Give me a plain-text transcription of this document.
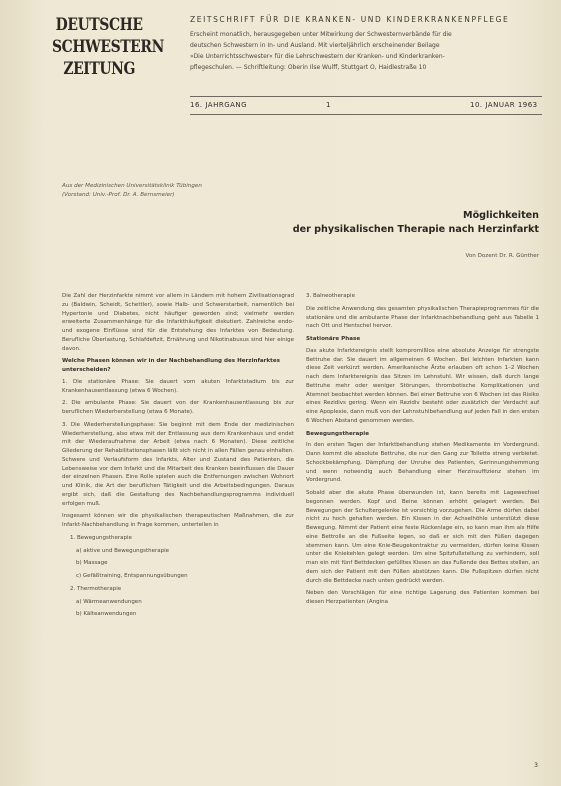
DEUTSCHE
SCHWESTERN
ZEITUNG
ZEITSCHRIFT FÜR DIE KRANKEN- UND KINDERKRANKENPFLEGE
Erscheint monatlich, herausgegeben unter Mitwirkung der Schwesternverbände für die
deutschen Schwestern in In- und Ausland. Mit vierteljährlich erscheinender Beilage
»Die Unterrichtsschwester« für die Lehrschwestern der Kranken- und Kinderkranken-
pflegeschulen. — Schriftleitung: Oberin Ilse Wulff, Stuttgart O, Haidlestraße 10
16. JAHRGANG	1	10. JANUAR 1963
Aus der Medizinischen Universitätsklinik Tübingen
(Vorstand: Univ.-Prof. Dr. A. Bernsmeier)
Möglichkeiten
der physikalischen Therapie nach Herzinfarkt
Von Dozent Dr. R. Günther
Die Zahl der Herzinfarkte nimmt vor allem in Ländern mit hohem Zivilisationsgrad zu (Baldwin, Scheidt, Schettler), sowie Halb- und Schwerstarbeit, namentlich bei Hypertonie und Diabetes, nicht häufiger geworden sind; vielmehr werden erweiterte Zusammenhänge für die Infarkthäufigkeit diskutiert. Zahlreiche endo- und exogene Einflüsse sind für die Entstehung des Infarktes von Bedeutung. Berufliche Überlastung, Schlafdefizit, Ernährung und Nikotinabusus sind hier einige davon.
Welche Phasen können wir in der Nachbehandlung des Herzinfarktes unterscheiden?
1. Die stationäre Phase: Sie dauert vom akuten Infarktstadium bis zur Krankenhausentlassung (etwa 6 Wochen).
2. Die ambulante Phase: Sie dauert von der Krankenhausentlassung bis zur beruflichen Wiederherstellung (etwa 6 Monate).
3. Die Wiederherstellungsphase: Sie beginnt mit dem Ende der medizinischen Wiederherstellung, also etwa mit der Entlassung aus dem Krankenhaus und endet mit der Wiederaufnahme der Arbeit (etwa nach 6 Monaten). Diese zeitliche Gliederung der Rehabilitationsphasen läßt sich nicht in allen Fällen genau einhalten. Schwere und Verlaufsform des Infarkts, Alter und Zustand des Patienten, die Lebensweise vor dem Infarkt und die Mitarbeit des Kranken beeinflussen die Dauer der einzelnen Phasen. Eine Rolle spielen auch die Entfernungen zwischen Wohnort und Klinik, die Art der beruflichen Tätigkeit und die Arbeitsbedingungen. Daraus ergibt sich, daß die Gestaltung des Nachbehandlungsprogramms individuell erfolgen muß.
Insgesamt können wir die physikalischen therapeutischen Maßnahmen, die zur Infarkt-Nachbehandlung in Frage kommen, unterteilen in
1. Bewegungstherapie
a) aktive und Bewegungstherapie
b) Massage
c) Gefäßtraining, Entspannungsübungen
2. Thermotherapie
a) Wärmeanwendungen
b) Kälteanwendungen
3. Balneotherapie
Die zeitliche Anwendung des gesamten physikalischen Therapieprogrammes für die stationäre und die ambulante Phase der Infarktnachbehandlung geht aus Tabelle 1 nach Ott und Hentschel hervor.
Stationäre Phase
Das akute Infarktereignis stellt kompromißlos eine absolute Anzeige für strengste Bettruhe dar. Sie dauert im allgemeinen 6 Wochen. Bei leichten Infarkten kann diese Zeit verkürzt werden. Amerikanische Ärzte erlauben oft schon 1–2 Wochen nach dem Infarktereignis das Sitzen im Lehnstuhl. Wir wissen, daß durch lange Bettruhe mehr oder weniger Störungen, thrombotische Komplikationen und Atemnot beobachtet werden können. Bei einer Bettruhe von 6 Wochen ist das Risiko eines Rezidivs gering. Wenn ein Rezidiv besteht oder zusätzlich der Verdacht auf eine Apoplexie, dann muß von der Lehnstuhlbehandlung auf jeden Fall in den ersten 6 Wochen Abstand genommen werden.
Bewegungstherapie
In den ersten Tagen der Infarktbehandlung stehen Medikamente im Vordergrund. Dann kommt die absolute Bettruhe, die nur den Gang zur Toilette streng verbietet. Schockbekämpfung, Dämpfung der Unruhe des Patienten, Gerinnungshemmung und wenn notwendig auch Behandlung einer Herzinsuffizienz stehen im Vordergrund.
Sobald aber die akute Phase überwunden ist, kann bereits mit Lagewechsel begonnen werden. Kopf und Beine können erhöht gelagert werden. Bei Bewegungen der Schultergelenke ist vorsichtig vorzugehen. Die Arme dürfen dabei nicht zu hoch gehalten werden. Ein Kissen in der Achselhöhle unterstützt diese Bewegung. Nimmt der Patient eine feste Rückenlage ein, so kann man ihm als Hilfe eine Bettrolle an die Fußseite legen, so daß er sich mit den Füßen dagegen stemmen kann. Um eine Knie-Beugekontraktur zu vermeiden, dürfen keine Kissen unter die Kniekehlen gelegt werden. Um eine Spitzfußstellung zu verhindern, soll man ein mit fünf Bettdecken gefülltes Kissen an das Fußende des Bettes stellen, an dem sich der Patient mit den Füßen abstützen kann. Die Fußspitzen dürfen nicht durch die Bettdecke nach unten gedrückt werden.
Neben den Vorschlägen für eine richtige Lagerung des Patienten kommen bei diesen Herzpatienten (Angina
3
